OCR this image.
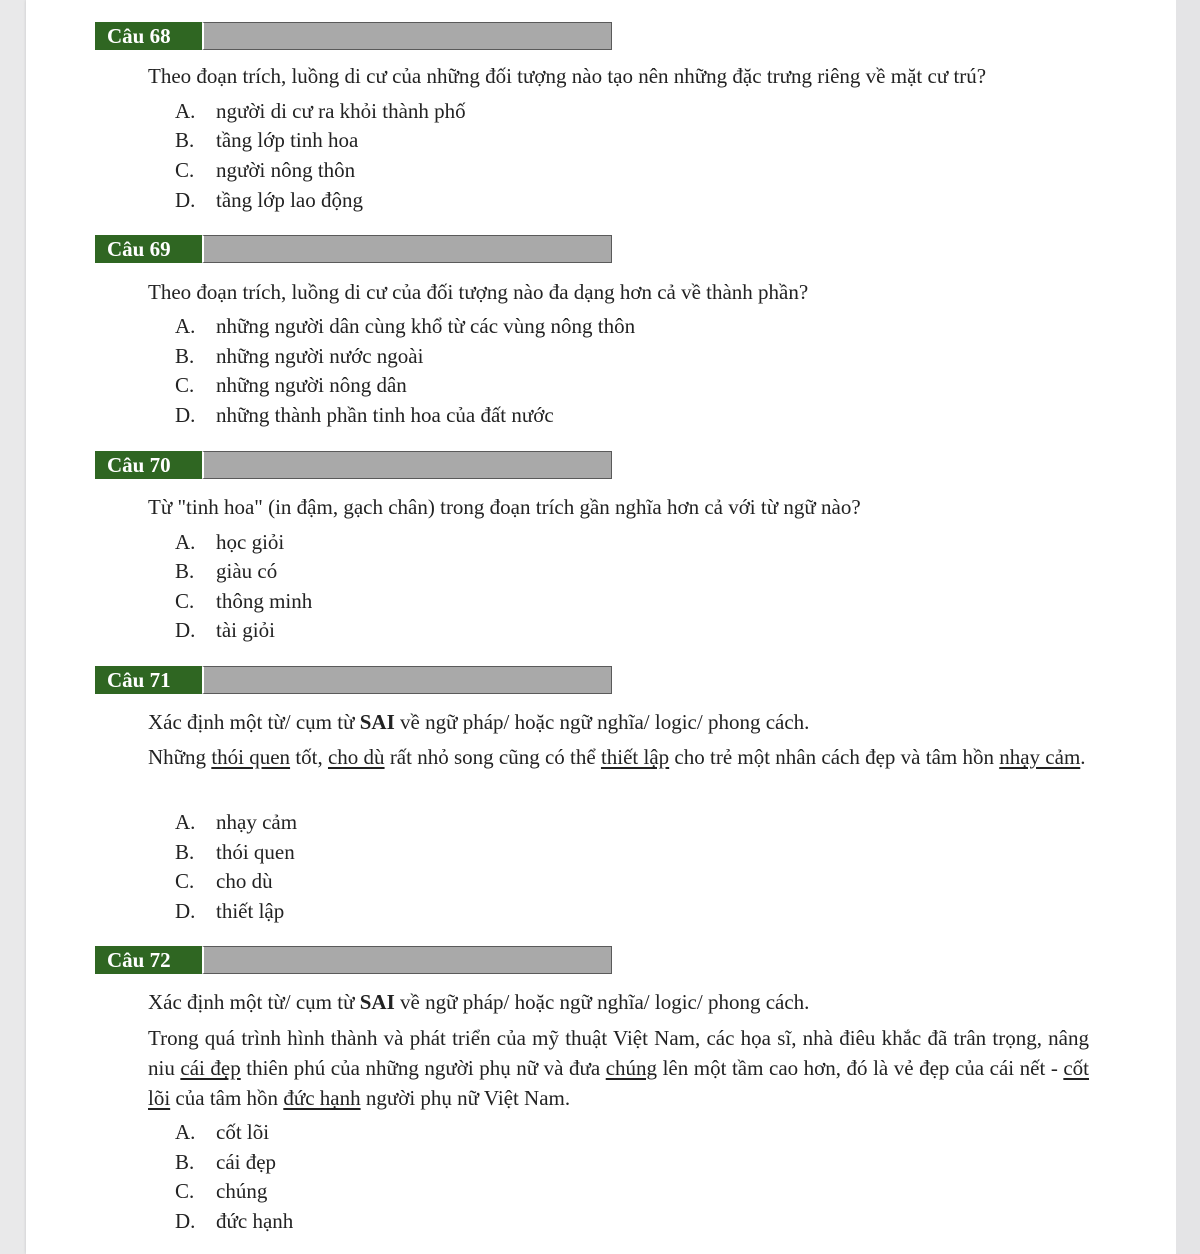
Câu 68
Theo đoạn trích, luồng di cư của những đối tượng nào tạo nên những đặc trưng riêng về mặt cư trú?
A. người di cư ra khỏi thành phố
B. tầng lớp tinh hoa
C. người nông thôn
D. tầng lớp lao động
Câu 69
Theo đoạn trích, luồng di cư của đối tượng nào đa dạng hơn cả về thành phần?
A. những người dân cùng khổ từ các vùng nông thôn
B. những người nước ngoài
C. những người nông dân
D. những thành phần tinh hoa của đất nước
Câu 70
Từ "tinh hoa" (in đậm, gạch chân) trong đoạn trích gần nghĩa hơn cả với từ ngữ nào?
A. học giỏi
B. giàu có
C. thông minh
D. tài giỏi
Câu 71
Xác định một từ/ cụm từ SAI về ngữ pháp/ hoặc ngữ nghĩa/ logic/ phong cách.
Những thói quen tốt, cho dù rất nhỏ song cũng có thể thiết lập cho trẻ một nhân cách đẹp và tâm hồn nhạy cảm.
A. nhạy cảm
B. thói quen
C. cho dù
D. thiết lập
Câu 72
Xác định một từ/ cụm từ SAI về ngữ pháp/ hoặc ngữ nghĩa/ logic/ phong cách.
Trong quá trình hình thành và phát triển của mỹ thuật Việt Nam, các họa sĩ, nhà điêu khắc đã trân trọng, nâng niu cái đẹp thiên phú của những người phụ nữ và đưa chúng lên một tầm cao hơn, đó là vẻ đẹp của cái nết - cốt lõi của tâm hồn đức hạnh người phụ nữ Việt Nam.
A. cốt lõi
B. cái đẹp
C. chúng
D. đức hạnh
